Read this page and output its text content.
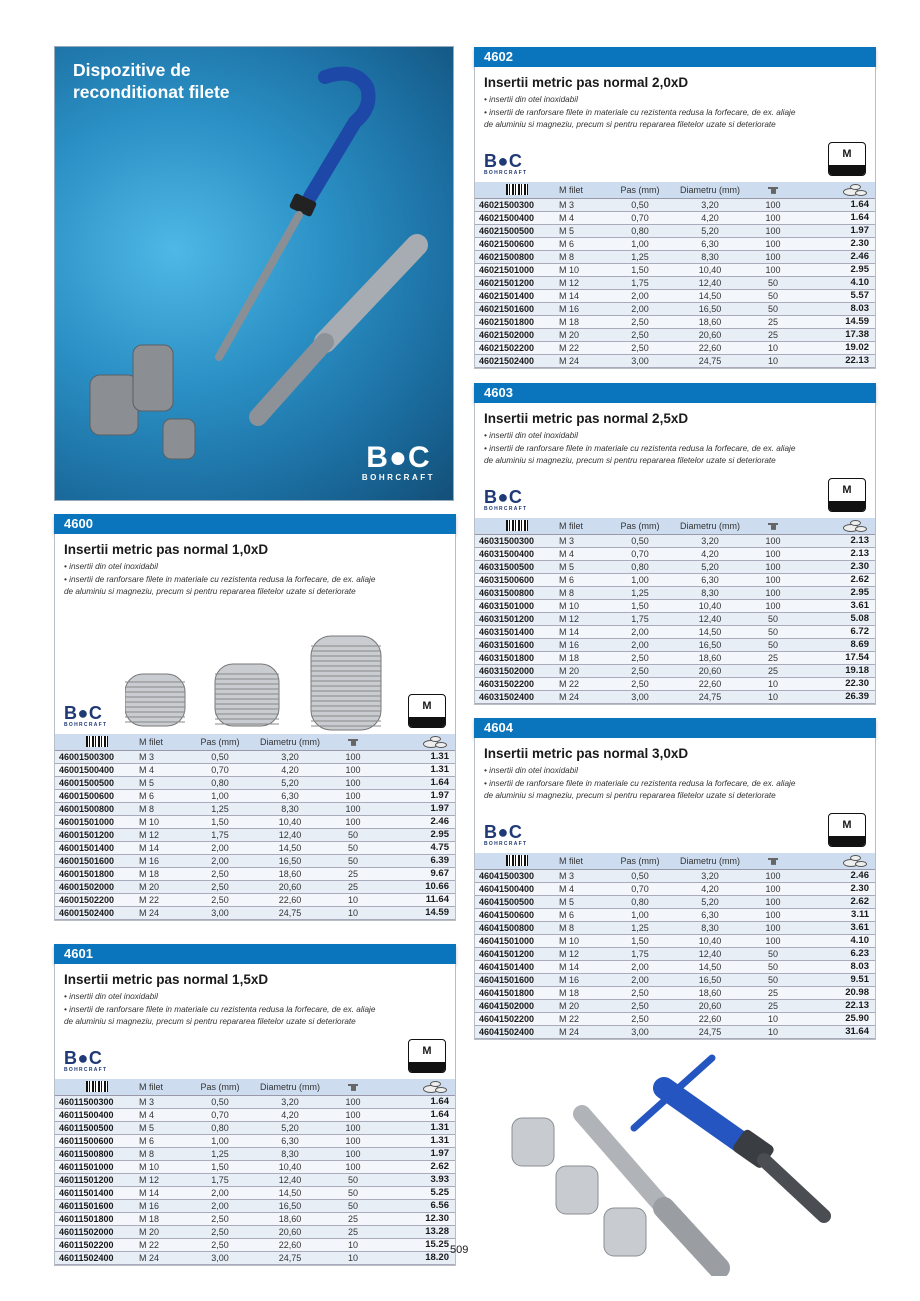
Dispozitive de
reconditionat filete
B●C
BOHRCRAFT
4600
Insertii metric pas normal 1,0xD
• insertii din otel inoxidabil
• insertii de ranforsare filete in materiale cu rezistenta redusa la forfecare, de ex. aliaje
de aluminiu si magneziu, precum si pentru repararea filetelor uzate si deteriorate
B●C
BOHRCRAFT
M
	M filet	Pas (mm)	Diametru (mm)		

46001500300	M 3	0,50	3,20	100	1.31
46001500400	M 4	0,70	4,20	100	1.31
46001500500	M 5	0,80	5,20	100	1.64
46001500600	M 6	1,00	6,30	100	1.97
46001500800	M 8	1,25	8,30	100	1.97
46001501000	M 10	1,50	10,40	100	2.46
46001501200	M 12	1,75	12,40	50	2.95
46001501400	M 14	2,00	14,50	50	4.75
46001501600	M 16	2,00	16,50	50	6.39
46001501800	M 18	2,50	18,60	25	9.67
46001502000	M 20	2,50	20,60	25	10.66
46001502200	M 22	2,50	22,60	10	11.64
46001502400	M 24	3,00	24,75	10	14.59
4601
Insertii metric pas normal 1,5xD
• insertii din otel inoxidabil
• insertii de ranforsare filete in materiale cu rezistenta redusa la forfecare, de ex. aliaje
de aluminiu si magneziu, precum si pentru repararea filetelor uzate si deteriorate
B●C
BOHRCRAFT
M
	M filet	Pas (mm)	Diametru (mm)		

46011500300	M 3	0,50	3,20	100	1.64
46011500400	M 4	0,70	4,20	100	1.64
46011500500	M 5	0,80	5,20	100	1.31
46011500600	M 6	1,00	6,30	100	1.31
46011500800	M 8	1,25	8,30	100	1.97
46011501000	M 10	1,50	10,40	100	2.62
46011501200	M 12	1,75	12,40	50	3.93
46011501400	M 14	2,00	14,50	50	5.25
46011501600	M 16	2,00	16,50	50	6.56
46011501800	M 18	2,50	18,60	25	12.30
46011502000	M 20	2,50	20,60	25	13.28
46011502200	M 22	2,50	22,60	10	15.25
46011502400	M 24	3,00	24,75	10	18.20
4602
Insertii metric pas normal 2,0xD
• insertii din otel inoxidabil
• insertii de ranforsare filete in materiale cu rezistenta redusa la forfecare, de ex. aliaje
de aluminiu si magneziu, precum si pentru repararea filetelor uzate si deteriorate
B●C
BOHRCRAFT
M
	M filet	Pas (mm)	Diametru (mm)		

46021500300	M 3	0,50	3,20	100	1.64
46021500400	M 4	0,70	4,20	100	1.64
46021500500	M 5	0,80	5,20	100	1.97
46021500600	M 6	1,00	6,30	100	2.30
46021500800	M 8	1,25	8,30	100	2.46
46021501000	M 10	1,50	10,40	100	2.95
46021501200	M 12	1,75	12,40	50	4.10
46021501400	M 14	2,00	14,50	50	5.57
46021501600	M 16	2,00	16,50	50	8.03
46021501800	M 18	2,50	18,60	25	14.59
46021502000	M 20	2,50	20,60	25	17.38
46021502200	M 22	2,50	22,60	10	19.02
46021502400	M 24	3,00	24,75	10	22.13
4603
Insertii metric pas normal 2,5xD
• insertii din otel inoxidabil
• insertii de ranforsare filete in materiale cu rezistenta redusa la forfecare, de ex. aliaje
de aluminiu si magneziu, precum si pentru repararea filetelor uzate si deteriorate
B●C
BOHRCRAFT
M
	M filet	Pas (mm)	Diametru (mm)		

46031500300	M 3	0,50	3,20	100	2.13
46031500400	M 4	0,70	4,20	100	2.13
46031500500	M 5	0,80	5,20	100	2.30
46031500600	M 6	1,00	6,30	100	2.62
46031500800	M 8	1,25	8,30	100	2.95
46031501000	M 10	1,50	10,40	100	3.61
46031501200	M 12	1,75	12,40	50	5.08
46031501400	M 14	2,00	14,50	50	6.72
46031501600	M 16	2,00	16,50	50	8.69
46031501800	M 18	2,50	18,60	25	17.54
46031502000	M 20	2,50	20,60	25	19.18
46031502200	M 22	2,50	22,60	10	22.30
46031502400	M 24	3,00	24,75	10	26.39
4604
Insertii metric pas normal 3,0xD
• insertii din otel inoxidabil
• insertii de ranforsare filete in materiale cu rezistenta redusa la forfecare, de ex. aliaje
de aluminiu si magneziu, precum si pentru repararea filetelor uzate si deteriorate
B●C
BOHRCRAFT
M
	M filet	Pas (mm)	Diametru (mm)		

46041500300	M 3	0,50	3,20	100	2.46
46041500400	M 4	0,70	4,20	100	2.30
46041500500	M 5	0,80	5,20	100	2.62
46041500600	M 6	1,00	6,30	100	3.11
46041500800	M 8	1,25	8,30	100	3.61
46041501000	M 10	1,50	10,40	100	4.10
46041501200	M 12	1,75	12,40	50	6.23
46041501400	M 14	2,00	14,50	50	8.03
46041501600	M 16	2,00	16,50	50	9.51
46041501800	M 18	2,50	18,60	25	20.98
46041502000	M 20	2,50	20,60	25	22.13
46041502200	M 22	2,50	22,60	10	25.90
46041502400	M 24	3,00	24,75	10	31.64
509
